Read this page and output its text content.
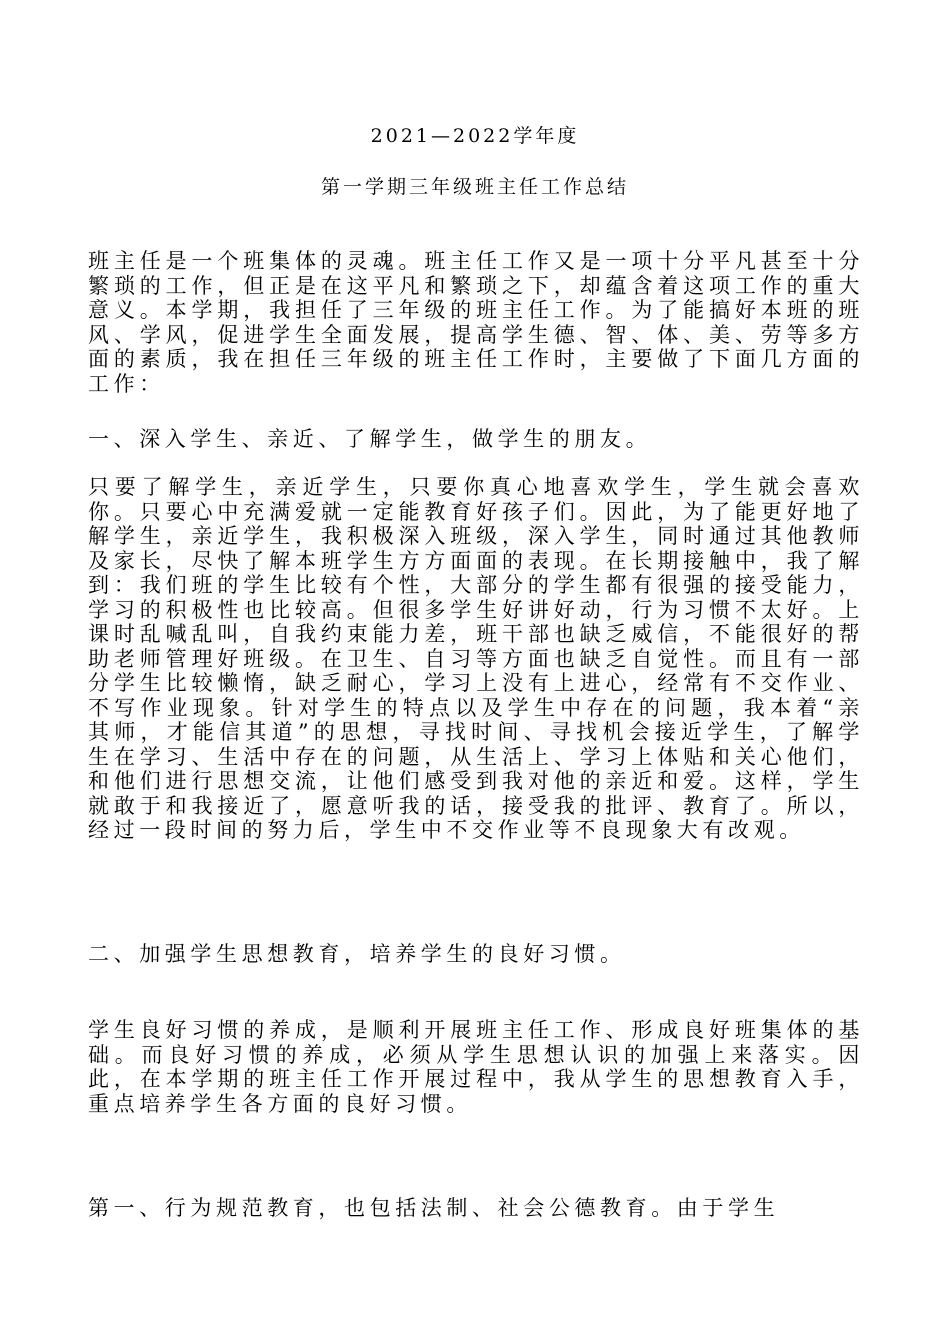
2021—2022学年度
第一学期三年级班主任工作总结

班主任是一个班集体的灵魂。班主任工作又是一项十分平凡甚至十分繁琐的工作，但正是在这平凡和繁琐之下，却蕴含着这项工作的重大意义。本学期，我担任了三年级的班主任工作。为了能搞好本班的班风、学风，促进学生全面发展，提高学生德、智、体、美、劳等多方面的素质，我在担任三年级的班主任工作时，主要做了下面几方面的工作：

一、深入学生、亲近、了解学生，做学生的朋友。

只要了解学生，亲近学生，只要你真心地喜欢学生，学生就会喜欢你。只要心中充满爱就一定能教育好孩子们。因此，为了能更好地了解学生，亲近学生，我积极深入班级，深入学生，同时通过其他教师及家长，尽快了解本班学生方方面面的表现。在长期接触中，我了解到：我们班的学生比较有个性，大部分的学生都有很强的接受能力，学习的积极性也比较高。但很多学生好讲好动，行为习惯不太好。上课时乱喊乱叫，自我约束能力差，班干部也缺乏威信，不能很好的帮助老师管理好班级。在卫生、自习等方面也缺乏自觉性。而且有一部分学生比较懒惰，缺乏耐心，学习上没有上进心，经常有不交作业、不写作业现象。针对学生的特点以及学生中存在的问题，我本着“亲其师，才能信其道”的思想，寻找时间、寻找机会接近学生，了解学生在学习、生活中存在的问题，从生活上、学习上体贴和关心他们，和他们进行思想交流，让他们感受到我对他的亲近和爱。这样，学生就敢于和我接近了，愿意听我的话，接受我的批评、教育了。所以，经过一段时间的努力后，学生中不交作业等不良现象大有改观。

二、加强学生思想教育，培养学生的良好习惯。

学生良好习惯的养成，是顺利开展班主任工作、形成良好班集体的基础。而良好习惯的养成，必须从学生思想认识的加强上来落实。因此，在本学期的班主任工作开展过程中，我从学生的思想教育入手，重点培养学生各方面的良好习惯。

第一、行为规范教育，也包括法制、社会公德教育。由于学生
